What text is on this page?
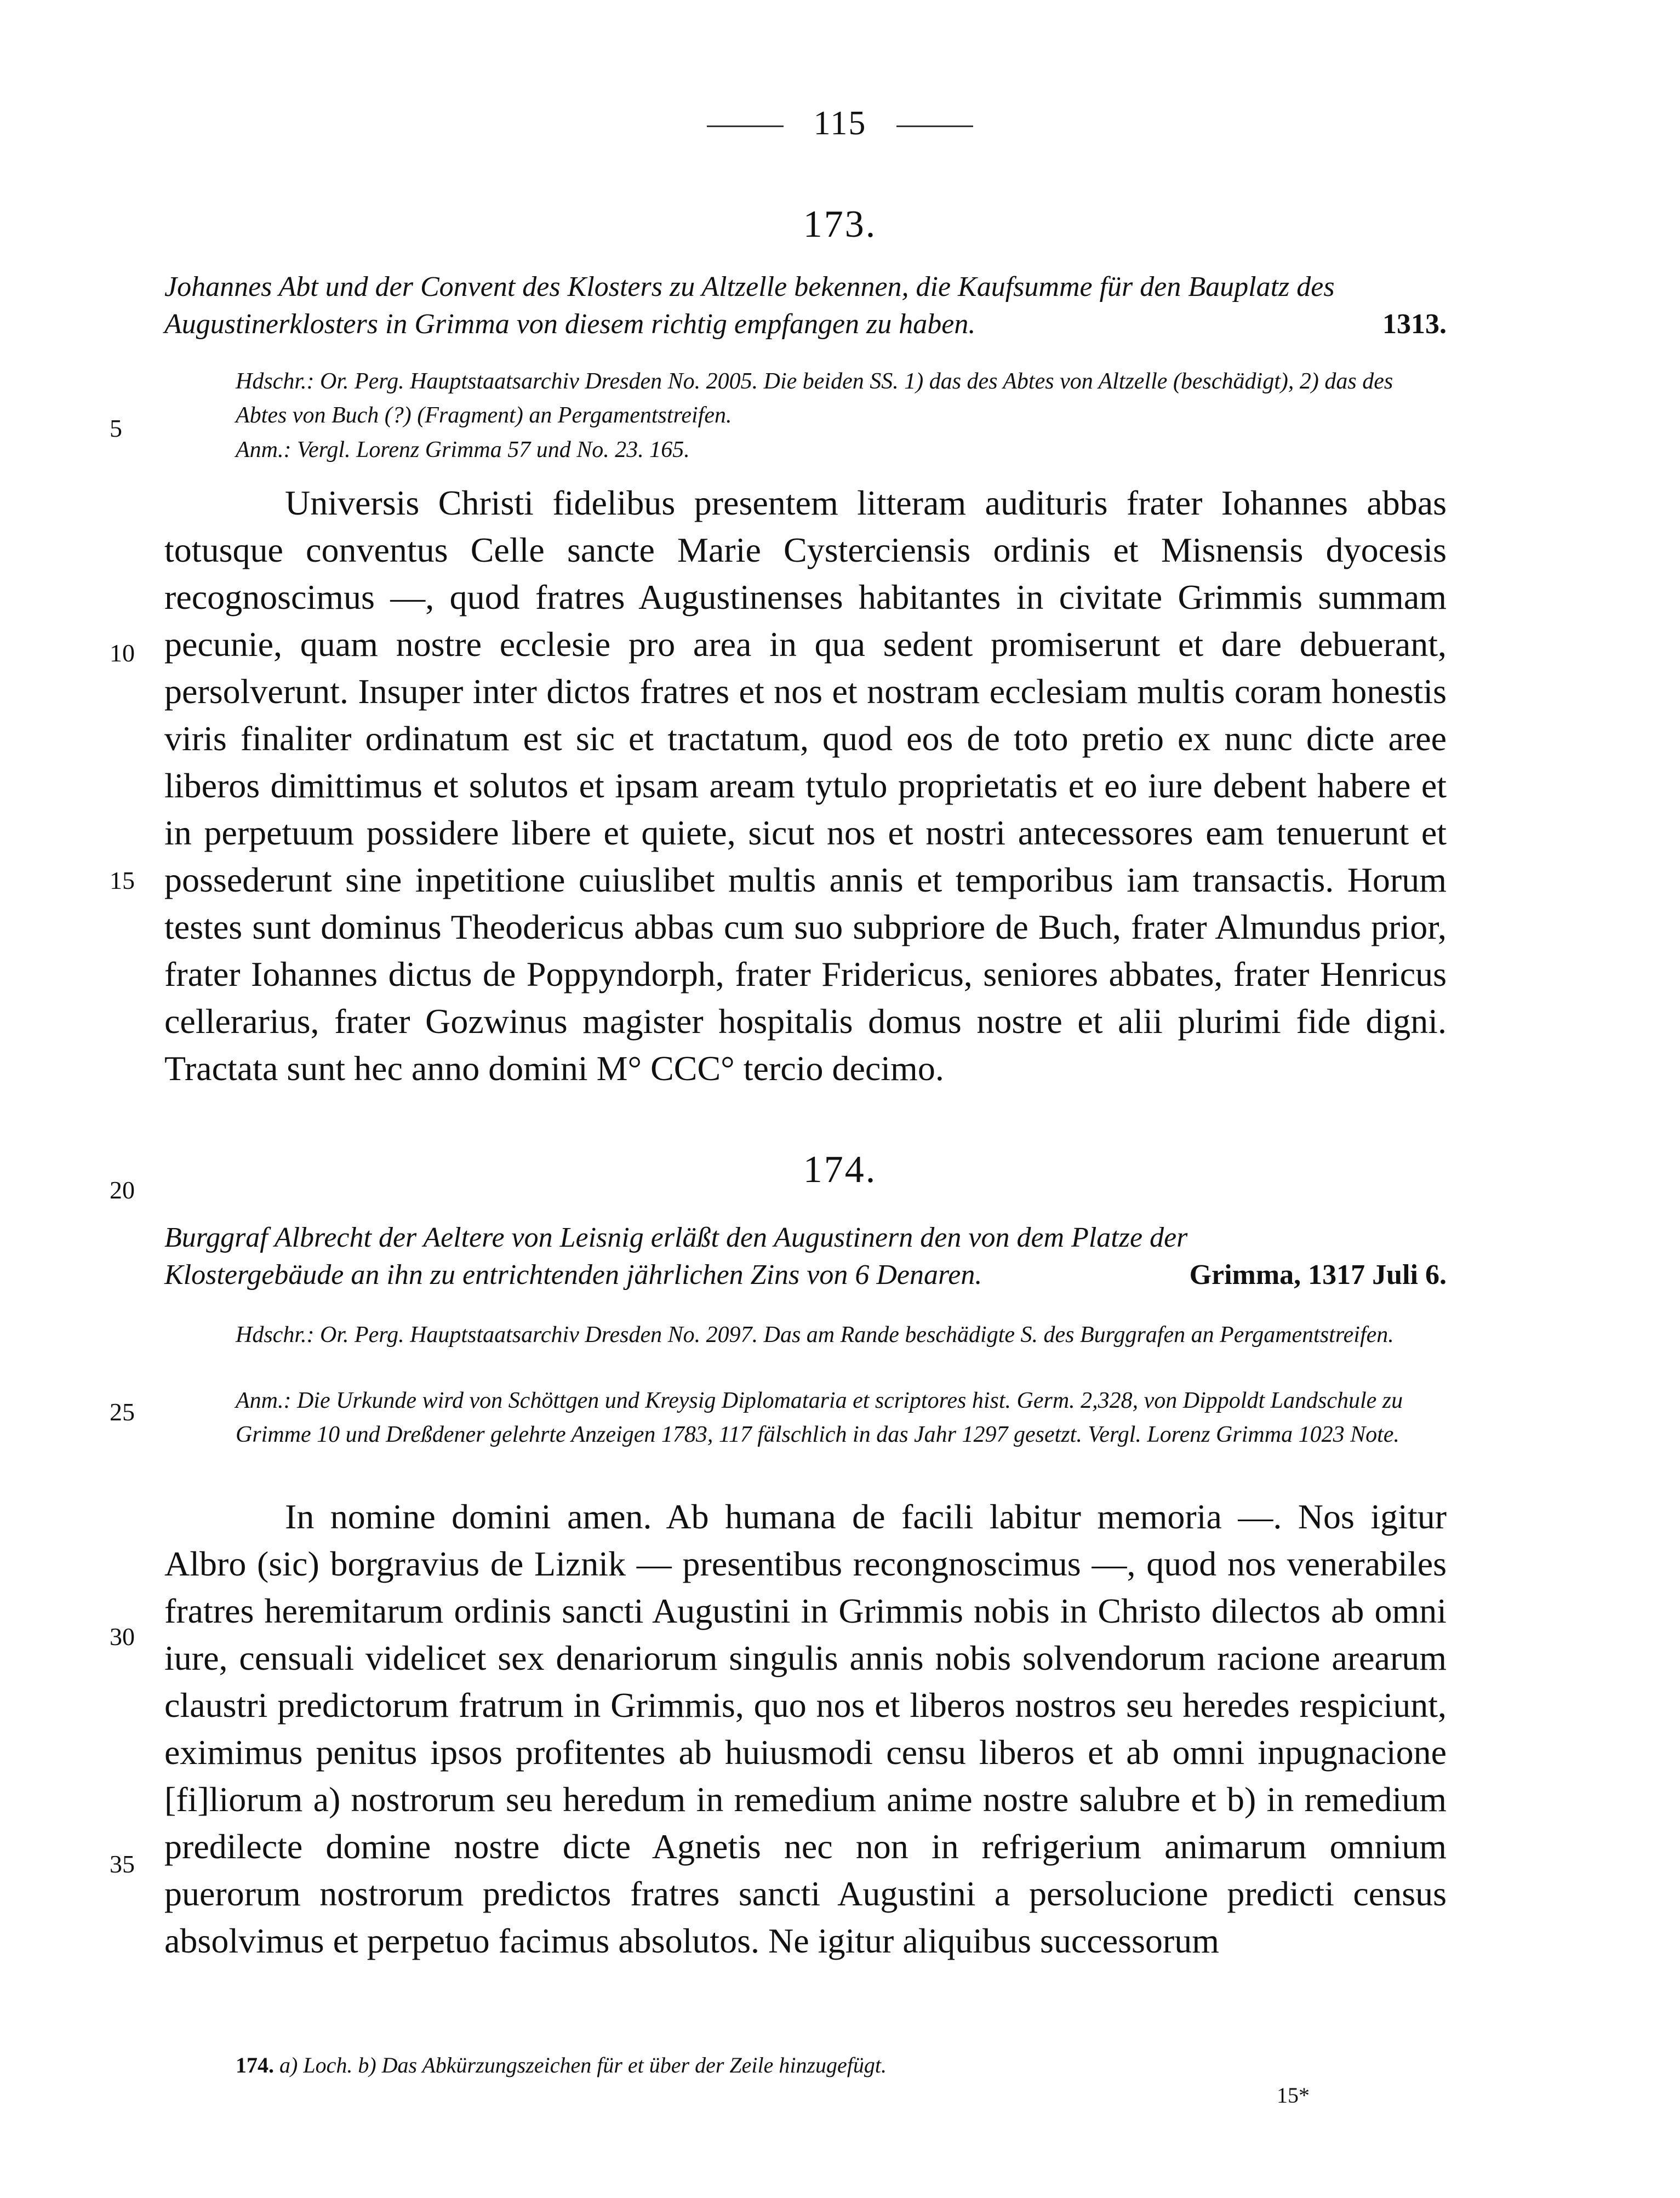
115
173.
1313.
Johannes Abt und der Convent des Klosters zu Altzelle bekennen, die Kaufsumme für den Bauplatz des Augustinerklosters in Grimma von diesem richtig empfangen zu haben.
Hdschr.: Or. Perg. Hauptstaatsarchiv Dresden No. 2005. Die beiden SS. 1) das des Abtes von Altzelle (beschädigt), 2) das des Abtes von Buch (?) (Fragment) an Pergamentstreifen.
Anm.: Vergl. Lorenz Grimma 57 und No. 23. 165.

Universis Christi fidelibus presentem litteram audituris frater Iohannes abbas totusque conventus Celle sancte Marie Cysterciensis ordinis et Misnensis dyocesis recognoscimus —, quod fratres Augustinenses habitantes in civitate Grimmis summam pecunie, quam nostre ecclesie pro area in qua sedent promiserunt et dare debuerant, persolverunt. Insuper inter dictos fratres et nos et nostram ecclesiam multis coram honestis viris finaliter ordinatum est sic et tractatum, quod eos de toto pretio ex nunc dicte aree liberos dimittimus et solutos et ipsam aream tytulo proprietatis et eo iure debent habere et in perpetuum possidere libere et quiete, sicut nos et nostri antecessores eam tenuerunt et possederunt sine inpetitione cuiuslibet multis annis et temporibus iam transactis. Horum testes sunt dominus Theodericus abbas cum suo subpriore de Buch, frater Almundus prior, frater Iohannes dictus de Poppyndorph, frater Fridericus, seniores abbates, frater Henricus cellerarius, frater Gozwinus magister hospitalis domus nostre et alii plurimi fide digni. Tractata sunt hec anno domini M° CCC° tercio decimo.

174.
Grimma, 1317 Juli 6.
Burggraf Albrecht der Aeltere von Leisnig erläßt den Augustinern den von dem Platze der Klostergebäude an ihn zu entrichtenden jährlichen Zins von 6 Denaren.
Hdschr.: Or. Perg. Hauptstaatsarchiv Dresden No. 2097. Das am Rande beschädigte S. des Burggrafen an Pergamentstreifen.
Anm.: Die Urkunde wird von Schöttgen und Kreysig Diplomataria et scriptores hist. Germ. 2,328, von Dippoldt Landschule zu Grimme 10 und Dreßdener gelehrte Anzeigen 1783, 117 fälschlich in das Jahr 1297 gesetzt. Vergl. Lorenz Grimma 1023 Note.

In nomine domini amen. Ab humana de facili labitur memoria —. Nos igitur Albro (sic) borgravius de Liznik — presentibus recongnoscimus —, quod nos venerabiles fratres heremitarum ordinis sancti Augustini in Grimmis nobis in Christo dilectos ab omni iure, censuali videlicet sex denariorum singulis annis nobis solvendorum racione arearum claustri predictorum fratrum in Grimmis, quo nos et liberos nostros seu heredes respiciunt, eximimus penitus ipsos profitentes ab huiusmodi censu liberos et ab omni inpugnacione [fi]liorum a) nostrorum seu heredum in remedium anime nostre salubre et b) in remedium predilecte domine nostre dicte Agnetis nec non in refrigerium animarum omnium puerorum nostrorum predictos fratres sancti Augustini a persolucione predicti census absolvimus et perpetuo facimus absolutos. Ne igitur aliquibus successorum

5
10
15
20
25
30
35
174. a) Loch. b) Das Abkürzungszeichen für et über der Zeile hinzugefügt.
15*
